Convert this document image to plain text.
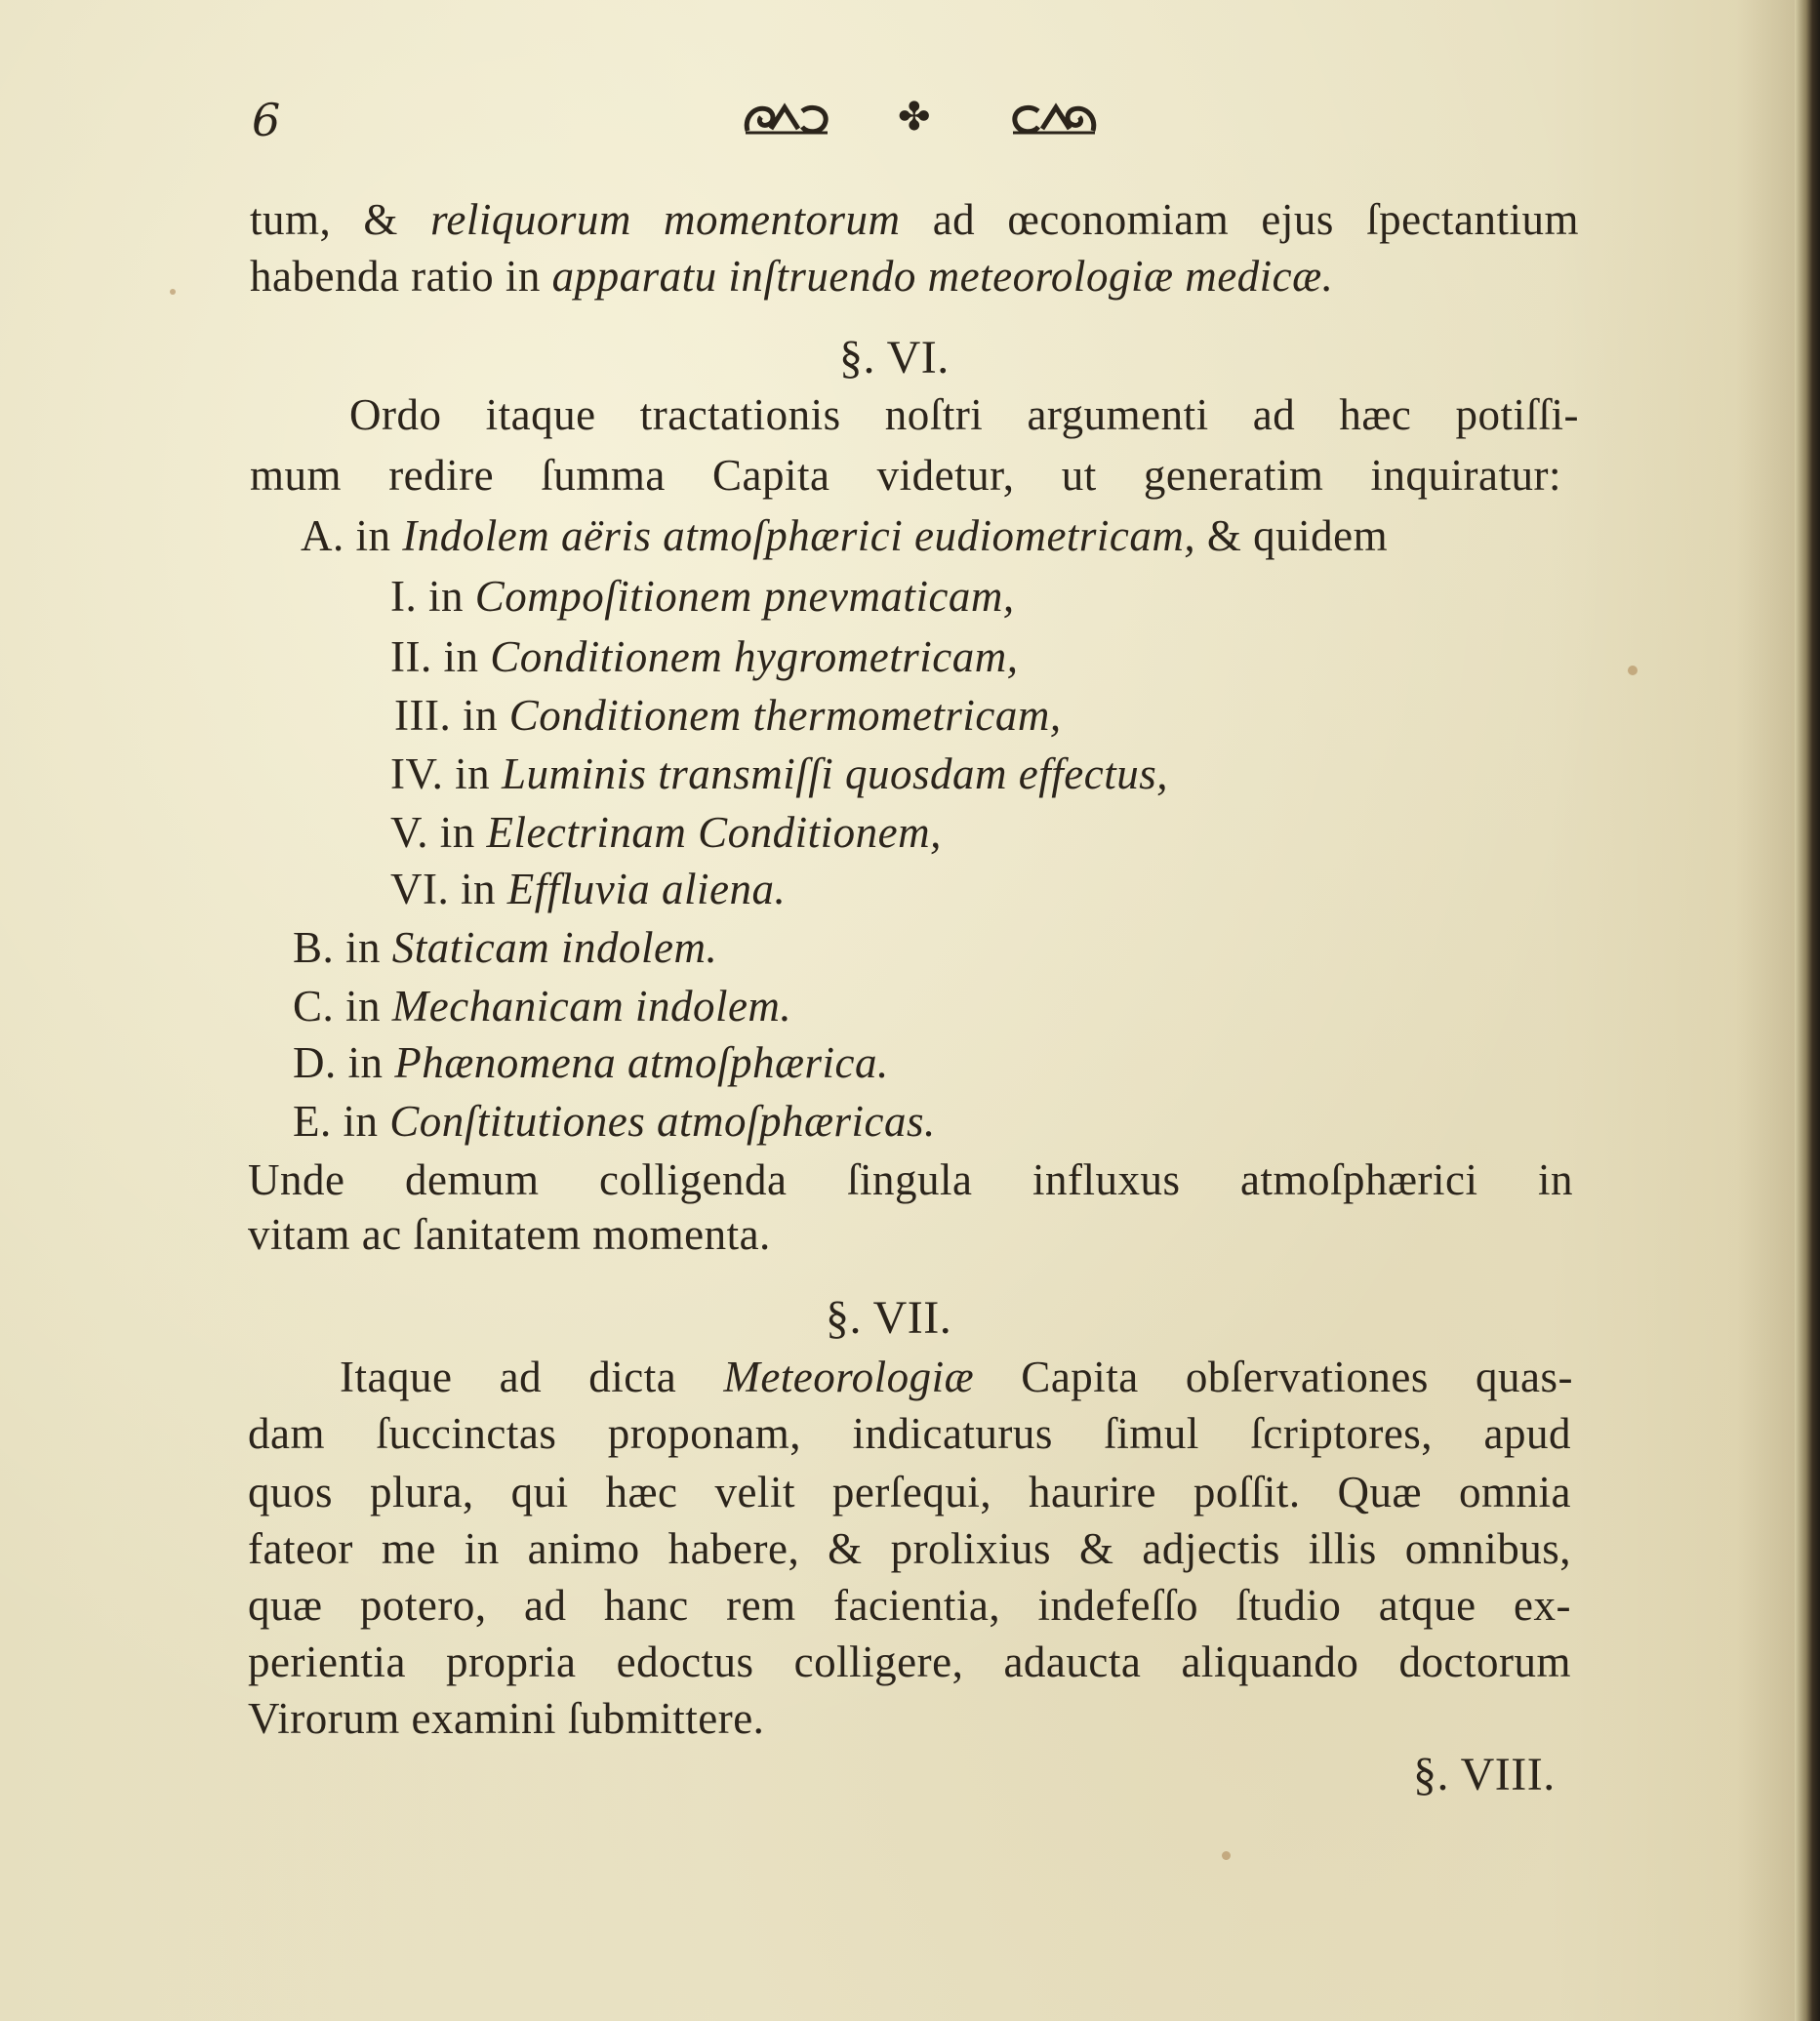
6	✤
tum, & reliquorum momentorum ad œconomiam ejus ſpectantium
habenda ratio in apparatu inſtruendo meteorologiæ medicæ.
§. VI.
Ordo itaque tractationis noſtri argumenti ad hæc potiſſi-
mum redire ſumma Capita videtur, ut generatim inquiratur:
A. in Indolem aëris atmoſphærici eudiometricam, & quidem
I. in Compoſitionem pnevmaticam,
II. in Conditionem hygrometricam,
III. in Conditionem thermometricam,
IV. in Luminis transmiſſi quosdam effectus,
V. in Electrinam Conditionem,
VI. in Effluvia aliena.
B. in Staticam indolem.
C. in Mechanicam indolem.
D. in Phænomena atmoſphærica.
E. in Conſtitutiones atmoſphæricas.
Unde demum colligenda ſingula influxus atmoſphærici in
vitam ac ſanitatem momenta.
§. VII.
Itaque ad dicta Meteorologiæ Capita obſervationes quas-
dam ſuccinctas proponam, indicaturus ſimul ſcriptores, apud
quos plura, qui hæc velit perſequi, haurire poſſit. Quæ omnia
fateor me in animo habere, & prolixius & adjectis illis omnibus,
quæ potero, ad hanc rem facientia, indefeſſo ſtudio atque ex-
perientia propria edoctus colligere, adaucta aliquando doctorum
Virorum examini ſubmittere.
§. VIII.
